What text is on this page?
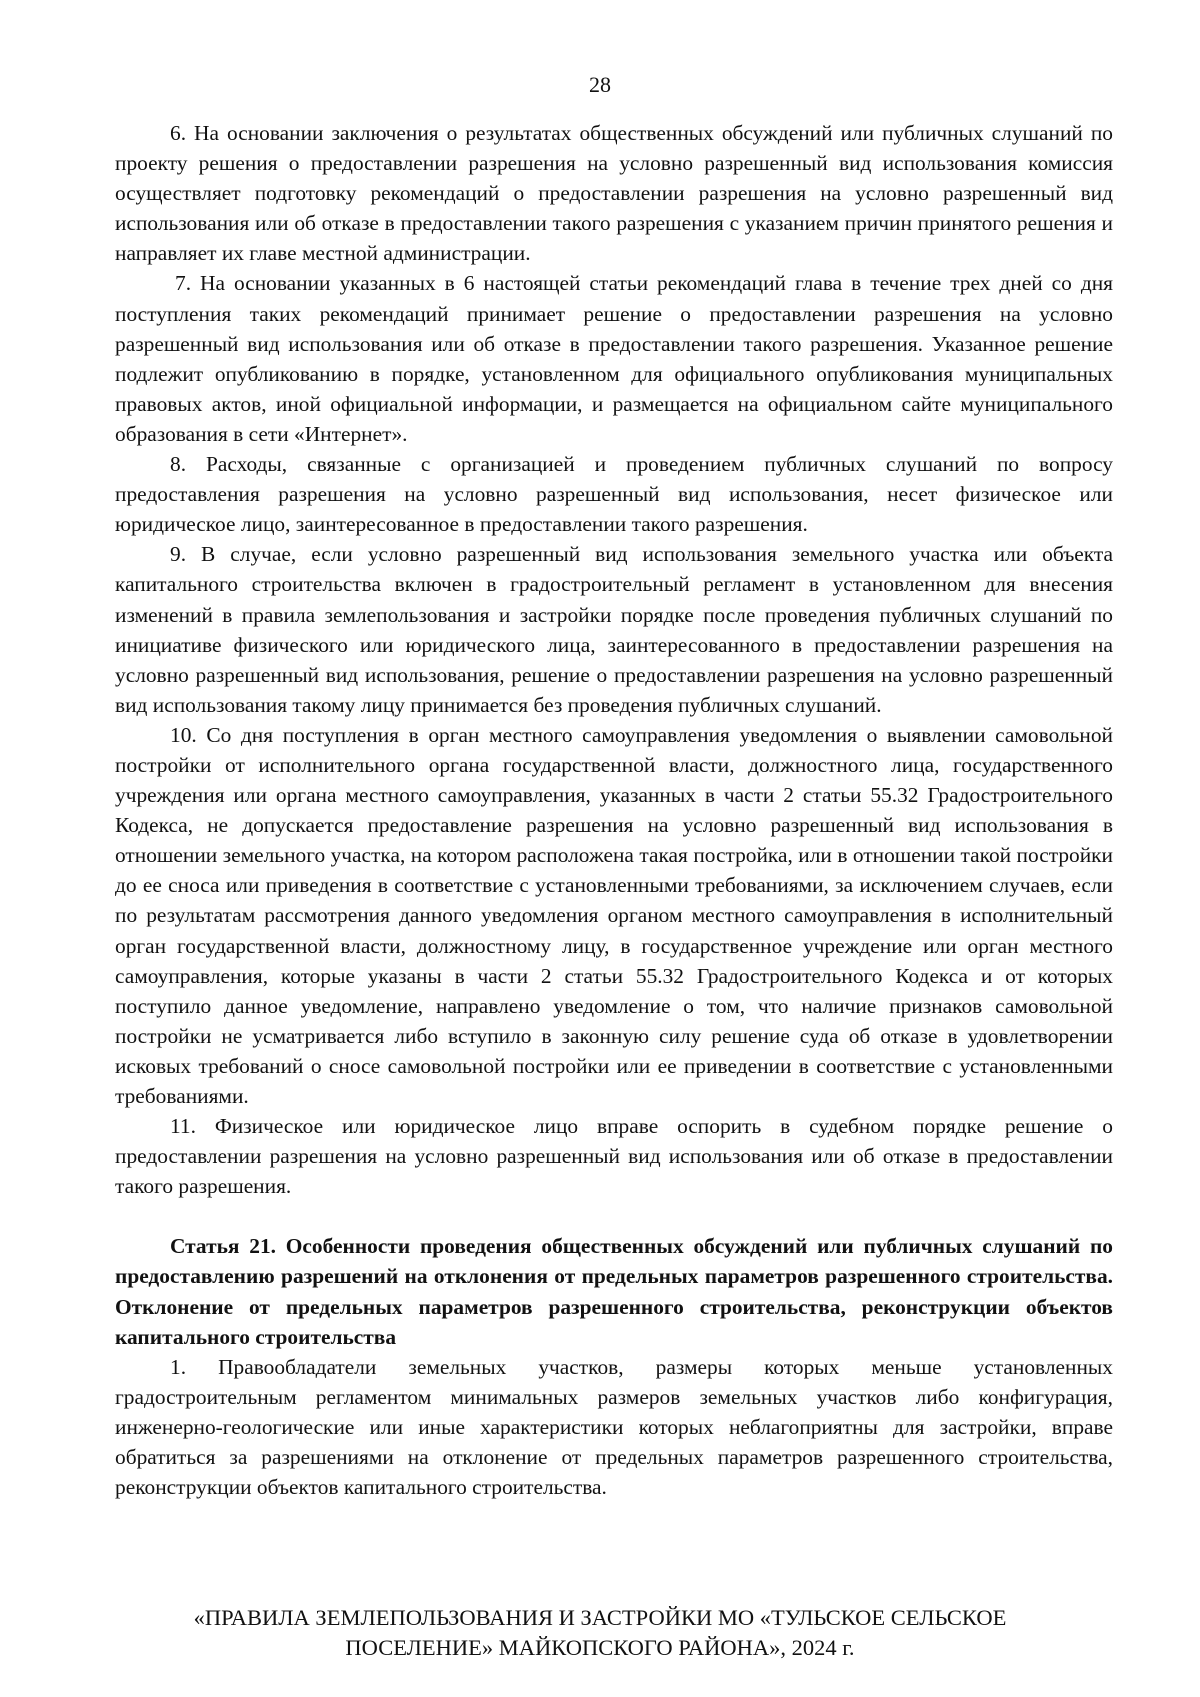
28

6. На основании заключения о результатах общественных обсуждений или публичных слушаний по проекту решения о предоставлении разрешения на условно разрешенный вид использования комиссия осуществляет подготовку рекомендаций о предоставлении разрешения на условно разрешенный вид использования или об отказе в предоставлении такого разрешения с указанием причин принятого решения и направляет их главе местной администрации.

7. На основании указанных в 6 настоящей статьи рекомендаций глава в течение трех дней со дня поступления таких рекомендаций принимает решение о предоставлении разрешения на условно разрешенный вид использования или об отказе в предоставлении такого разрешения. Указанное решение подлежит опубликованию в порядке, установленном для официального опубликования муниципальных правовых актов, иной официальной информации, и размещается на официальном сайте муниципального образования в сети «Интернет».

8. Расходы, связанные с организацией и проведением публичных слушаний по вопросу предоставления разрешения на условно разрешенный вид использования, несет физическое или юридическое лицо, заинтересованное в предоставлении такого разрешения.

9. В случае, если условно разрешенный вид использования земельного участка или объекта капитального строительства включен в градостроительный регламент в установленном для внесения изменений в правила землепользования и застройки порядке после проведения публичных слушаний по инициативе физического или юридического лица, заинтересованного в предоставлении разрешения на условно разрешенный вид использования, решение о предоставлении разрешения на условно разрешенный вид использования такому лицу принимается без проведения публичных слушаний.

10. Со дня поступления в орган местного самоуправления уведомления о выявлении самовольной постройки от исполнительного органа государственной власти, должностного лица, государственного учреждения или органа местного самоуправления, указанных в части 2 статьи 55.32 Градостроительного Кодекса, не допускается предоставление разрешения на условно разрешенный вид использования в отношении земельного участка, на котором расположена такая постройка, или в отношении такой постройки до ее сноса или приведения в соответствие с установленными требованиями, за исключением случаев, если по результатам рассмотрения данного уведомления органом местного самоуправления в исполнительный орган государственной власти, должностному лицу, в государственное учреждение или орган местного самоуправления, которые указаны в части 2 статьи 55.32 Градостроительного Кодекса и от которых поступило данное уведомление, направлено уведомление о том, что наличие признаков самовольной постройки не усматривается либо вступило в законную силу решение суда об отказе в удовлетворении исковых требований о сносе самовольной постройки или ее приведении в соответствие с установленными требованиями.

11. Физическое или юридическое лицо вправе оспорить в судебном порядке решение о предоставлении разрешения на условно разрешенный вид использования или об отказе в предоставлении такого разрешения.

Статья 21. Особенности проведения общественных обсуждений или публичных слушаний по предоставлению разрешений на отклонения от предельных параметров разрешенного строительства. Отклонение от предельных параметров разрешенного строительства, реконструкции объектов капитального строительства

1. Правообладатели земельных участков, размеры которых меньше установленных градостроительным регламентом минимальных размеров земельных участков либо конфигурация, инженерно-геологические или иные характеристики которых неблагоприятны для застройки, вправе обратиться за разрешениями на отклонение от предельных параметров разрешенного строительства, реконструкции объектов капитального строительства.

«ПРАВИЛА ЗЕМЛЕПОЛЬЗОВАНИЯ И ЗАСТРОЙКИ МО «ТУЛЬСКОЕ СЕЛЬСКОЕ
ПОСЕЛЕНИЕ» МАЙКОПСКОГО РАЙОНА», 2024 г.
